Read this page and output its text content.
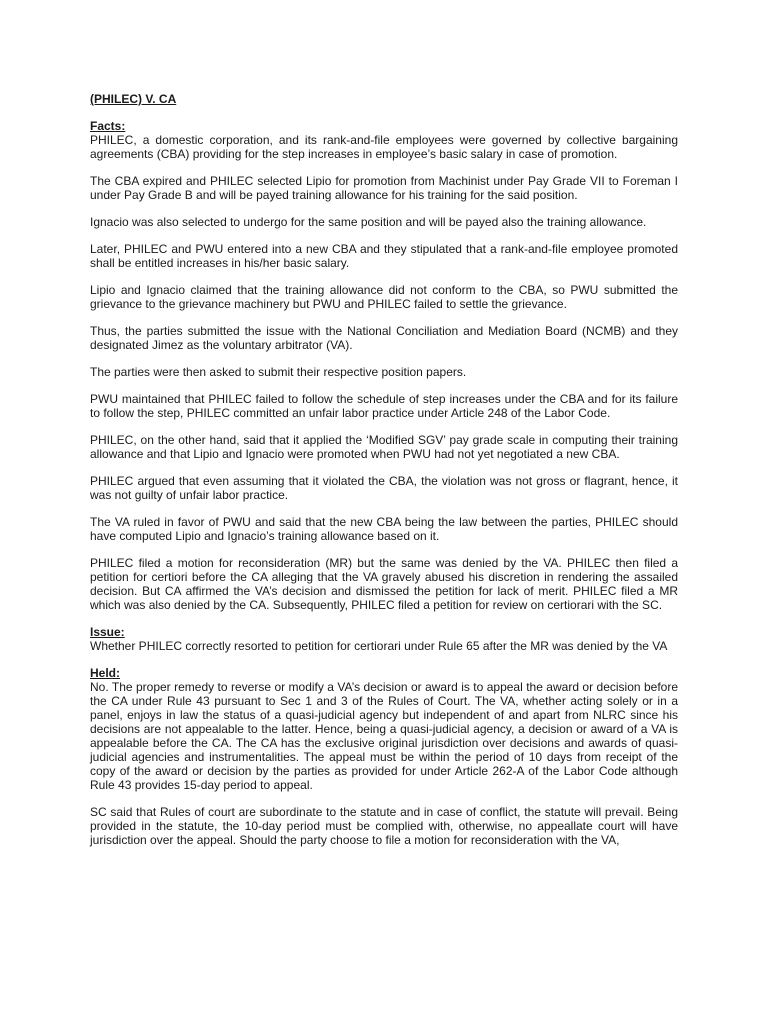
(PHILEC) V. CA

Facts:

PHILEC, a domestic corporation, and its rank-and-file employees were governed by collective bargaining agreements (CBA) providing for the step increases in employee’s basic salary in case of promotion.

The CBA expired and PHILEC selected Lipio for promotion from Machinist under Pay Grade VII to Foreman I under Pay Grade B and will be payed training allowance for his training for the said position.

Ignacio was also selected to undergo for the same position and will be payed also the training allowance.

Later, PHILEC and PWU entered into a new CBA and they stipulated that a rank-and-file employee promoted shall be entitled increases in his/her basic salary.

Lipio and Ignacio claimed that the training allowance did not conform to the CBA, so PWU submitted the grievance to the grievance machinery but PWU and PHILEC failed to settle the grievance.

Thus, the parties submitted the issue with the National Conciliation and Mediation Board (NCMB) and they designated Jimez as the voluntary arbitrator (VA).

The parties were then asked to submit their respective position papers.

PWU maintained that PHILEC failed to follow the schedule of step increases under the CBA and for its failure to follow the step, PHILEC committed an unfair labor practice under Article 248 of the Labor Code.

PHILEC, on the other hand, said that it applied the ‘Modified SGV’ pay grade scale in computing their training allowance and that Lipio and Ignacio were promoted when PWU had not yet negotiated a new CBA.

PHILEC argued that even assuming that it violated the CBA, the violation was not gross or flagrant, hence, it was not guilty of unfair labor practice.

The VA ruled in favor of PWU and said that the new CBA being the law between the parties, PHILEC should have computed Lipio and Ignacio’s training allowance based on it.

PHILEC filed a motion for reconsideration (MR) but the same was denied by the VA. PHILEC then filed a petition for certiori before the CA alleging that the VA gravely abused his discretion in rendering the assailed decision. But CA affirmed the VA’s decision and dismissed the petition for lack of merit. PHILEC filed a MR which was also denied by the CA. Subsequently, PHILEC filed a petition for review on certiorari with the SC.

Issue:

Whether PHILEC correctly resorted to petition for certiorari under Rule 65 after the MR was denied by the VA

Held:

No. The proper remedy to reverse or modify a VA’s decision or award is to appeal the award or decision before the CA under Rule 43 pursuant to Sec 1 and 3 of the Rules of Court. The VA, whether acting solely or in a panel, enjoys in law the status of a quasi-judicial agency but independent of and apart from NLRC since his decisions are not appealable to the latter. Hence, being a quasi-judicial agency, a decision or award of a VA is appealable before the CA. The CA has the exclusive original jurisdiction over decisions and awards of quasi-judicial agencies and instrumentalities. The appeal must be within the period of 10 days from receipt of the copy of the award or decision by the parties as provided for under Article 262-A of the Labor Code although Rule 43 provides 15-day period to appeal.

SC said that Rules of court are subordinate to the statute and in case of conflict, the statute will prevail. Being provided in the statute, the 10-day period must be complied with, otherwise, no appeallate court will have jurisdiction over the appeal. Should the party choose to file a motion for reconsideration with the VA,
